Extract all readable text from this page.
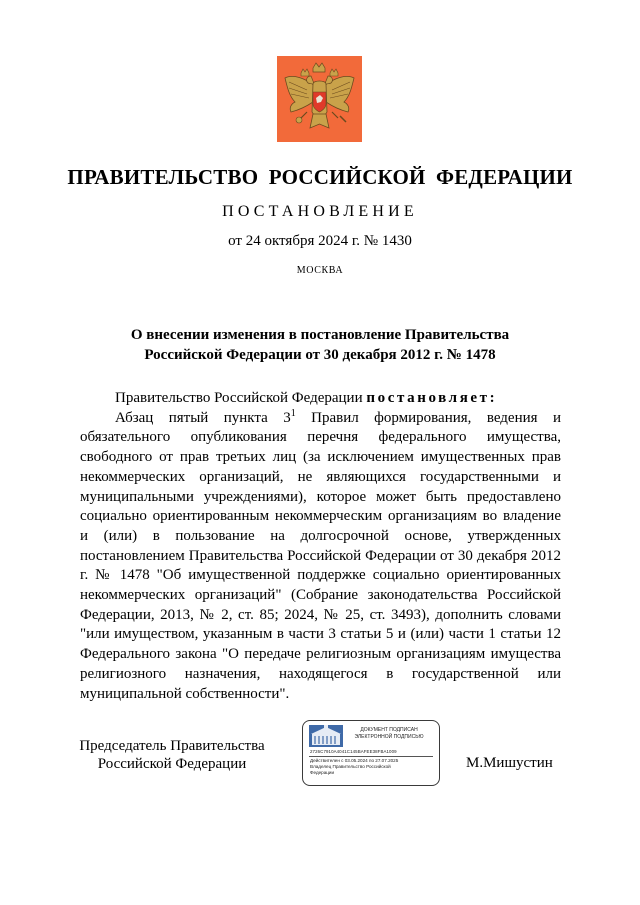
ПРАВИТЕЛЬСТВО РОССИЙСКОЙ ФЕДЕРАЦИИ
ПОСТАНОВЛЕНИЕ
от 24 октября 2024 г. № 1430
МОСКВА
О внесении изменения в постановление Правительства
Российской Федерации от 30 декабря 2012 г. № 1478
Правительство Российской Федерации постановляет:

Абзац пятый пункта $3^1$ Правил формирования, ведения и обязательного опубликования перечня федерального имущества, свободного от прав третьих лиц (за исключением имущественных прав некоммерческих организаций, не являющихся государственными и муниципальными учреждениями), которое может быть предоставлено социально ориентированным некоммерческим организациям во владение и (или) в пользование на долгосрочной основе, утвержденных постановлением Правительства Российской Федерации от 30 декабря 2012 г. № 1478 "Об имущественной поддержке социально ориентированных некоммерческих организаций" (Собрание законодательства Российской Федерации, 2013, № 2, ст. 85; 2024, № 25, ст. 3493), дополнить словами "или имуществом, указанным в части 3 статьи 5 и (или) части 1 статьи 12 Федерального закона "О передаче религиозным организациям имущества религиозного назначения, находящегося в государственной или муниципальной собственности".

Председатель Правительства
Российской Федерации
ДОКУМЕНТ ПОДПИСАН
ЭЛЕКТРОННОЙ ПОДПИСЬЮ
2726C7910A4041C145BAFEE38FBA1009
Действителен с 03.05.2024 по 27.07.2025
Владелец Правительство Российской
Федерации
М.Мишустин
